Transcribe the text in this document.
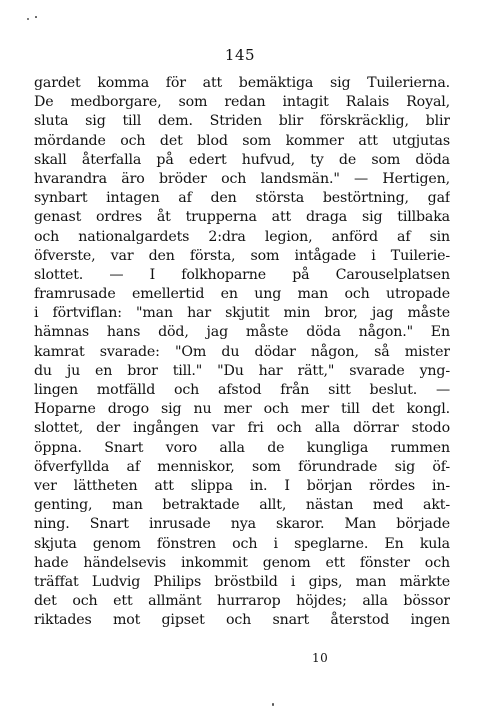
145
gardet komma för att bemäktiga sig Tuilerierna.
De medborgare, som redan intagit Ralais Royal,
sluta sig till dem. Striden blir förskräcklig, blir
mördande och det blod som kommer att utgjutas
skall återfalla på edert hufvud, ty de som döda
hvarandra äro bröder och landsmän." — Hertigen,
synbart intagen af den största bestörtning, gaf
genast ordres åt trupperna att draga sig tillbaka
och nationalgardets 2:dra legion, anförd af sin
öfverste, var den första, som intågade i Tuilerie-
slottet. — I folkhoparne på Carouselplatsen
framrusade emellertid en ung man och utropade
i förtviflan: "man har skjutit min bror, jag måste
hämnas hans död, jag måste döda någon." En
kamrat svarade: "Om du dödar någon, så mister
du ju en bror till." "Du har rätt," svarade yng-
lingen motfälld och afstod från sitt beslut. —
Hoparne drogo sig nu mer och mer till det kongl.
slottet, der ingången var fri och alla dörrar stodo
öppna. Snart voro alla de kungliga rummen
öfverfyllda af menniskor, som förundrade sig öf-
ver lättheten att slippa in. I början rördes in-
genting, man betraktade allt, nästan med akt-
ning. Snart inrusade nya skaror. Man började
skjuta genom fönstren och i speglarne. En kula
hade händelsevis inkommit genom ett fönster och
träffat Ludvig Philips bröstbild i gips, man märkte
det och ett allmänt hurrarop höjdes; alla bössor
riktades mot gipset och snart återstod ingen
10
